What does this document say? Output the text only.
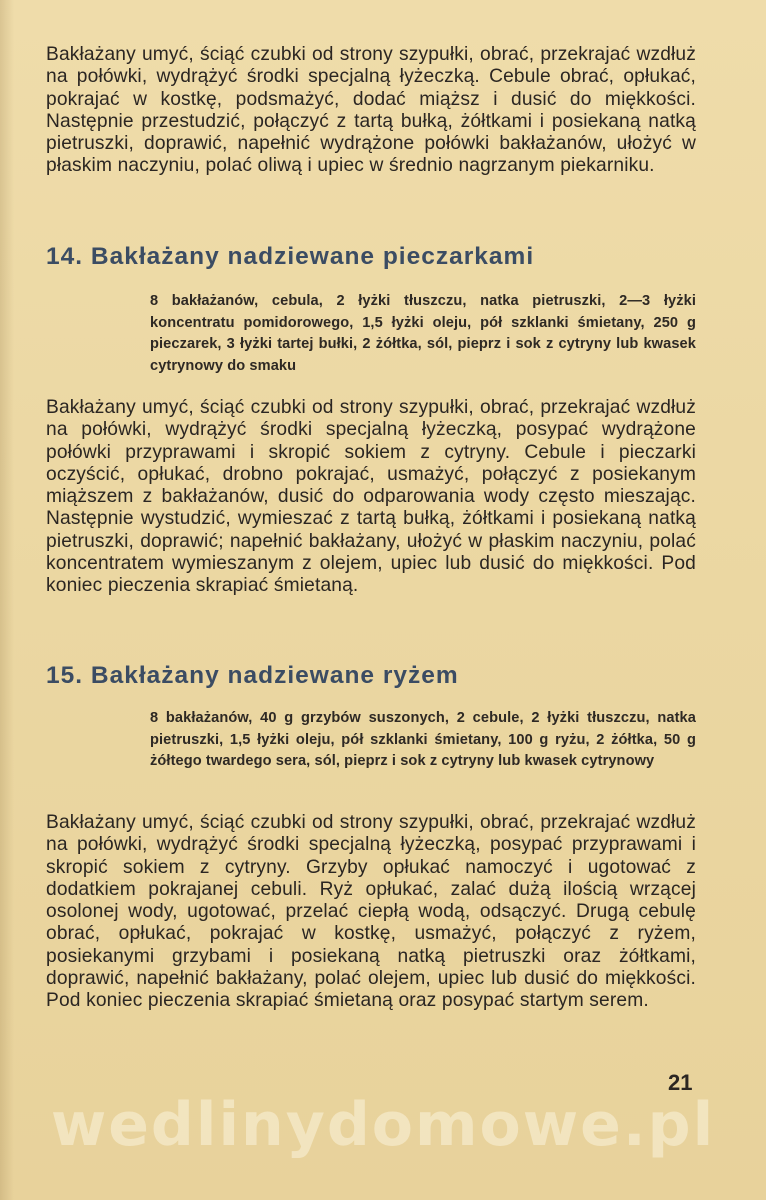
Bakłażany umyć, ściąć czubki od strony szypułki, obrać, przekrajać wzdłuż na połówki, wydrążyć środki specjalną łyżeczką. Cebule obrać, opłukać, pokrajać w kostkę, podsmażyć, dodać miąższ i dusić do miękkości. Następnie przestudzić, połączyć z tartą bułką, żółtkami i posiekaną natką pietruszki, doprawić, napełnić wydrążone połówki bakłażanów, ułożyć w płaskim naczyniu, polać oliwą i upiec w średnio nagrzanym piekarniku.

14. Bakłażany nadziewane pieczarkami

8 bakłażanów, cebula, 2 łyżki tłuszczu, natka pietruszki, 2—3 łyżki koncentratu pomidorowego, 1,5 łyżki oleju, pół szklanki śmietany, 250 g pieczarek, 3 łyżki tartej bułki, 2 żółtka, sól, pieprz i sok z cytryny lub kwasek cytrynowy do smaku

Bakłażany umyć, ściąć czubki od strony szypułki, obrać, przekrajać wzdłuż na połówki, wydrążyć środki specjalną łyżeczką, posypać wydrążone połówki przyprawami i skropić sokiem z cytryny. Cebule i pieczarki oczyścić, opłukać, drobno pokrajać, usmażyć, połączyć z posiekanym miąższem z bakłażanów, dusić do odparowania wody często mieszając. Następnie wystudzić, wymieszać z tartą bułką, żółtkami i posiekaną natką pietruszki, doprawić; napełnić bakłażany, ułożyć w płaskim naczyniu, polać koncentratem wymieszanym z olejem, upiec lub dusić do miękkości. Pod koniec pieczenia skrapiać śmietaną.

15. Bakłażany nadziewane ryżem

8 bakłażanów, 40 g grzybów suszonych, 2 cebule, 2 łyżki tłuszczu, natka pietruszki, 1,5 łyżki oleju, pół szklanki śmietany, 100 g ryżu, 2 żółtka, 50 g żółtego twardego sera, sól, pieprz i sok z cytryny lub kwasek cytrynowy

Bakłażany umyć, ściąć czubki od strony szypułki, obrać, przekrajać wzdłuż na połówki, wydrążyć środki specjalną łyżeczką, posypać przyprawami i skropić sokiem z cytryny. Grzyby opłukać namoczyć i ugotować z dodatkiem pokrajanej cebuli. Ryż opłukać, zalać dużą ilością wrzącej osolonej wody, ugotować, przelać ciepłą wodą, odsączyć. Drugą cebulę obrać, opłukać, pokrajać w kostkę, usmażyć, połączyć z ryżem, posiekanymi grzybami i posiekaną natką pietruszki oraz żółtkami, doprawić, napełnić bakłażany, polać olejem, upiec lub dusić do miękkości. Pod koniec pieczenia skrapiać śmietaną oraz posypać startym serem.

21
wedlinydomowe.pl
